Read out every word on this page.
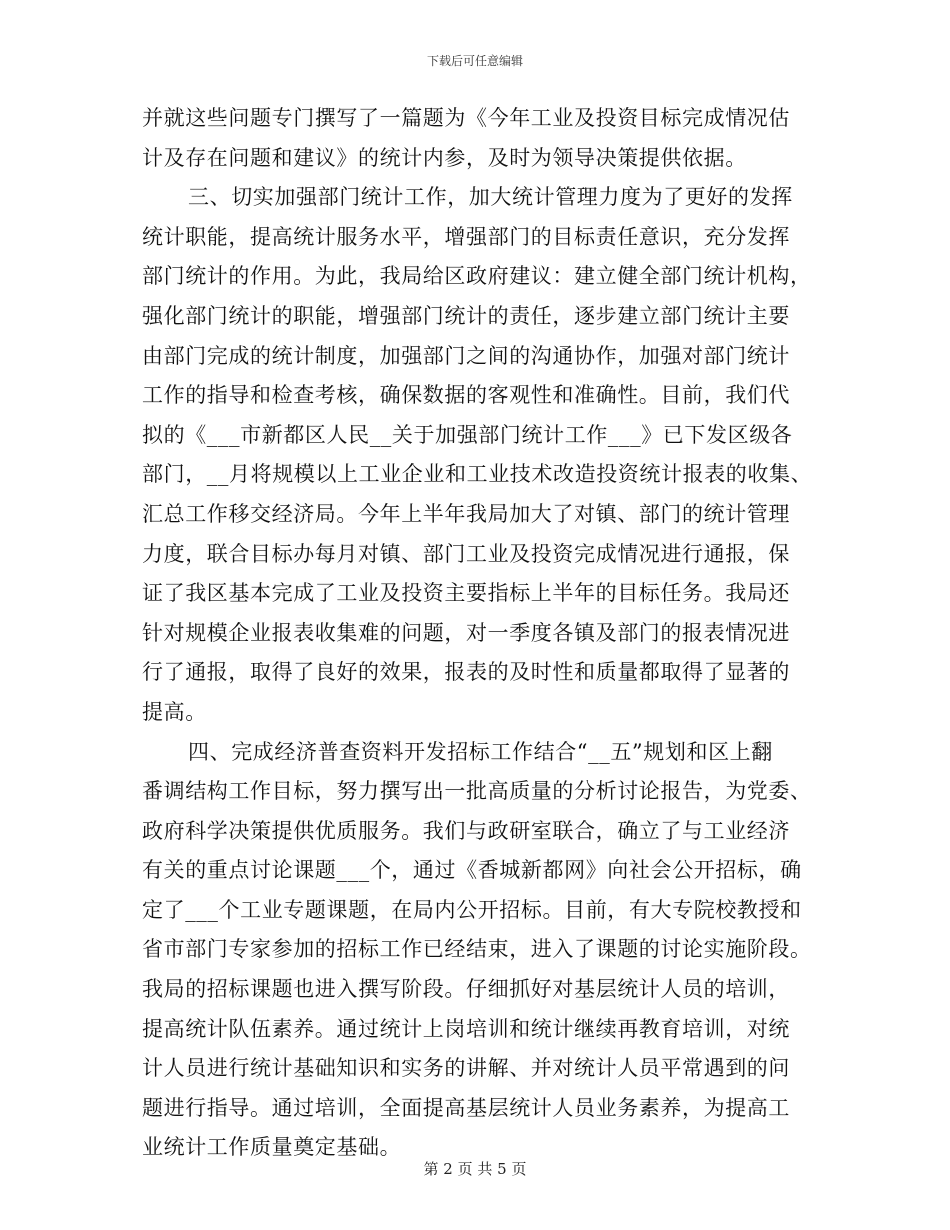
下载后可任意编辑
并就这些问题专门撰写了一篇题为《今年工业及投资目标完成情况估
计及存在问题和建议》的统计内参，及时为领导决策提供依据。
三、切实加强部门统计工作，加大统计管理力度为了更好的发挥
统计职能，提高统计服务水平，增强部门的目标责任意识，充分发挥
部门统计的作用。为此，我局给区政府建议：建立健全部门统计机构，
强化部门统计的职能，增强部门统计的责任，逐步建立部门统计主要
由部门完成的统计制度，加强部门之间的沟通协作，加强对部门统计
工作的指导和检查考核，确保数据的客观性和准确性。目前，我们代
拟的《___市新都区人民__关于加强部门统计工作___》已下发区级各
部门，__月将规模以上工业企业和工业技术改造投资统计报表的收集、
汇总工作移交经济局。今年上半年我局加大了对镇、部门的统计管理
力度，联合目标办每月对镇、部门工业及投资完成情况进行通报，保
证了我区基本完成了工业及投资主要指标上半年的目标任务。我局还
针对规模企业报表收集难的问题，对一季度各镇及部门的报表情况进
行了通报，取得了良好的效果，报表的及时性和质量都取得了显著的
提高。
四、完成经济普查资料开发招标工作结合“__五”规划和区上翻
番调结构工作目标，努力撰写出一批高质量的分析讨论报告，为党委、
政府科学决策提供优质服务。我们与政研室联合，确立了与工业经济
有关的重点讨论课题___个，通过《香城新都网》向社会公开招标，确
定了___个工业专题课题，在局内公开招标。目前，有大专院校教授和
省市部门专家参加的招标工作已经结束，进入了课题的讨论实施阶段。
我局的招标课题也进入撰写阶段。仔细抓好对基层统计人员的培训，
提高统计队伍素养。通过统计上岗培训和统计继续再教育培训，对统
计人员进行统计基础知识和实务的讲解、并对统计人员平常遇到的问
题进行指导。通过培训，全面提高基层统计人员业务素养，为提高工
业统计工作质量奠定基础。
第 2 页 共 5 页
